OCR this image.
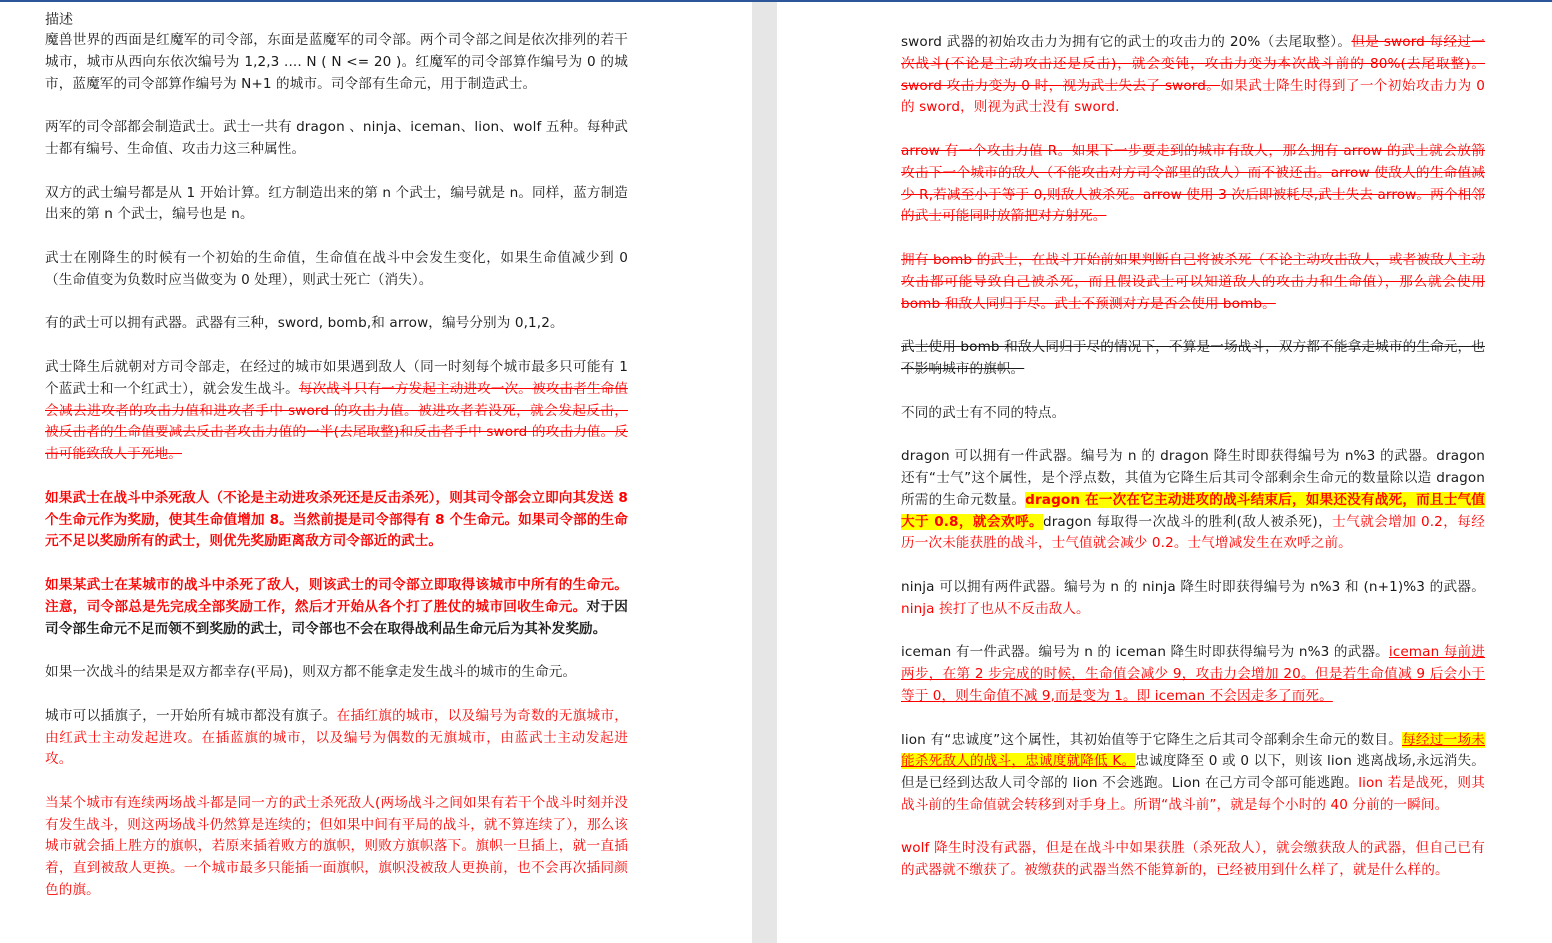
描述

魔兽世界的西面是红魔军的司令部，东面是蓝魔军的司令部。两个司令部之间是依次排列的若干城市，城市从西向东依次编号为 1,2,3 .... N ( N <= 20 )。红魔军的司令部算作编号为 0 的城市，蓝魔军的司令部算作编号为 N+1 的城市。司令部有生命元，用于制造武士。

两军的司令部都会制造武士。武士一共有 dragon 、ninja、iceman、lion、wolf 五种。每种武士都有编号、生命值、攻击力这三种属性。

双方的武士编号都是从 1 开始计算。红方制造出来的第 n 个武士，编号就是 n。同样，蓝方制造出来的第 n 个武士，编号也是 n。

武士在刚降生的时候有一个初始的生命值，生命值在战斗中会发生变化，如果生命值减少到 0（生命值变为负数时应当做变为 0 处理），则武士死亡（消失）。

有的武士可以拥有武器。武器有三种，sword, bomb,和 arrow，编号分别为 0,1,2。

武士降生后就朝对方司令部走，在经过的城市如果遇到敌人（同一时刻每个城市最多只可能有 1 个蓝武士和一个红武士），就会发生战斗。每次战斗只有一方发起主动进攻一次。被攻击者生命值会减去进攻者的攻击力值和进攻者手中 sword 的攻击力值。被进攻者若没死，就会发起反击，被反击者的生命值要减去反击者攻击力值的一半(去尾取整)和反击者手中 sword 的攻击力值。反击可能致敌人于死地。

如果武士在战斗中杀死敌人（不论是主动进攻杀死还是反击杀死），则其司令部会立即向其发送 8 个生命元作为奖励，使其生命值增加 8。当然前提是司令部得有 8 个生命元。如果司令部的生命元不足以奖励所有的武士，则优先奖励距离敌方司令部近的武士。

如果某武士在某城市的战斗中杀死了敌人，则该武士的司令部立即取得该城市中所有的生命元。注意，司令部总是先完成全部奖励工作，然后才开始从各个打了胜仗的城市回收生命元。对于因司令部生命元不足而领不到奖励的武士，司令部也不会在取得战利品生命元后为其补发奖励。

如果一次战斗的结果是双方都幸存(平局)，则双方都不能拿走发生战斗的城市的生命元。

城市可以插旗子，一开始所有城市都没有旗子。在插红旗的城市，以及编号为奇数的无旗城市，由红武士主动发起进攻。在插蓝旗的城市，以及编号为偶数的无旗城市，由蓝武士主动发起进攻。

当某个城市有连续两场战斗都是同一方的武士杀死敌人(两场战斗之间如果有若干个战斗时刻并没有发生战斗，则这两场战斗仍然算是连续的；但如果中间有平局的战斗，就不算连续了），那么该城市就会插上胜方的旗帜，若原来插着败方的旗帜，则败方旗帜落下。旗帜一旦插上，就一直插着，直到被敌人更换。一个城市最多只能插一面旗帜，旗帜没被敌人更换前，也不会再次插同颜色的旗。

sword 武器的初始攻击力为拥有它的武士的攻击力的 20%（去尾取整）。但是 sword 每经过一次战斗(不论是主动攻击还是反击)，就会变钝，攻击力变为本次战斗前的 80%(去尾取整)。sword 攻击力变为 0 时，视为武士失去了 sword。如果武士降生时得到了一个初始攻击力为 0 的 sword，则视为武士没有 sword.

arrow 有一个攻击力值 R。如果下一步要走到的城市有敌人，那么拥有 arrow 的武士就会放箭攻击下一个城市的敌人（不能攻击对方司令部里的敌人）而不被还击。arrow 使敌人的生命值减少 R,若减至小于等于 0,则敌人被杀死。arrow 使用 3 次后即被耗尽,武士失去 arrow。两个相邻的武士可能同时放箭把对方射死。

拥有 bomb 的武士，在战斗开始前如果判断自己将被杀死（不论主动攻击敌人，或者被敌人主动攻击都可能导致自己被杀死，而且假设武士可以知道敌人的攻击力和生命值），那么就会使用 bomb 和敌人同归于尽。武士不预测对方是否会使用 bomb。

武士使用 bomb 和敌人同归于尽的情况下，不算是一场战斗，双方都不能拿走城市的生命元，也不影响城市的旗帜。

不同的武士有不同的特点。

dragon 可以拥有一件武器。编号为 n 的 dragon 降生时即获得编号为 n%3 的武器。dragon 还有“士气”这个属性，是个浮点数，其值为它降生后其司令部剩余生命元的数量除以造 dragon 所需的生命元数量。dragon 在一次在它主动进攻的战斗结束后，如果还没有战死，而且士气值大于 0.8，就会欢呼。dragon 每取得一次战斗的胜利(敌人被杀死)，士气就会增加 0.2，每经历一次未能获胜的战斗，士气值就会减少 0.2。士气增减发生在欢呼之前。

ninja 可以拥有两件武器。编号为 n 的 ninja 降生时即获得编号为 n%3 和 (n+1)%3 的武器。ninja 挨打了也从不反击敌人。

iceman 有一件武器。编号为 n 的 iceman 降生时即获得编号为 n%3 的武器。iceman 每前进两步，在第 2 步完成的时候，生命值会减少 9，攻击力会增加 20。但是若生命值减 9 后会小于等于 0，则生命值不减 9,而是变为 1。即 iceman 不会因走多了而死。

lion 有“忠诚度”这个属性，其初始值等于它降生之后其司令部剩余生命元的数目。每经过一场未能杀死敌人的战斗，忠诚度就降低 K。忠诚度降至 0 或 0 以下，则该 lion 逃离战场,永远消失。但是已经到达敌人司令部的 lion 不会逃跑。Lion 在己方司令部可能逃跑。lion 若是战死，则其战斗前的生命值就会转移到对手身上。所谓“战斗前”，就是每个小时的 40 分前的一瞬间。

wolf 降生时没有武器，但是在战斗中如果获胜（杀死敌人），就会缴获敌人的武器，但自己已有的武器就不缴获了。被缴获的武器当然不能算新的，已经被用到什么样了，就是什么样的。
